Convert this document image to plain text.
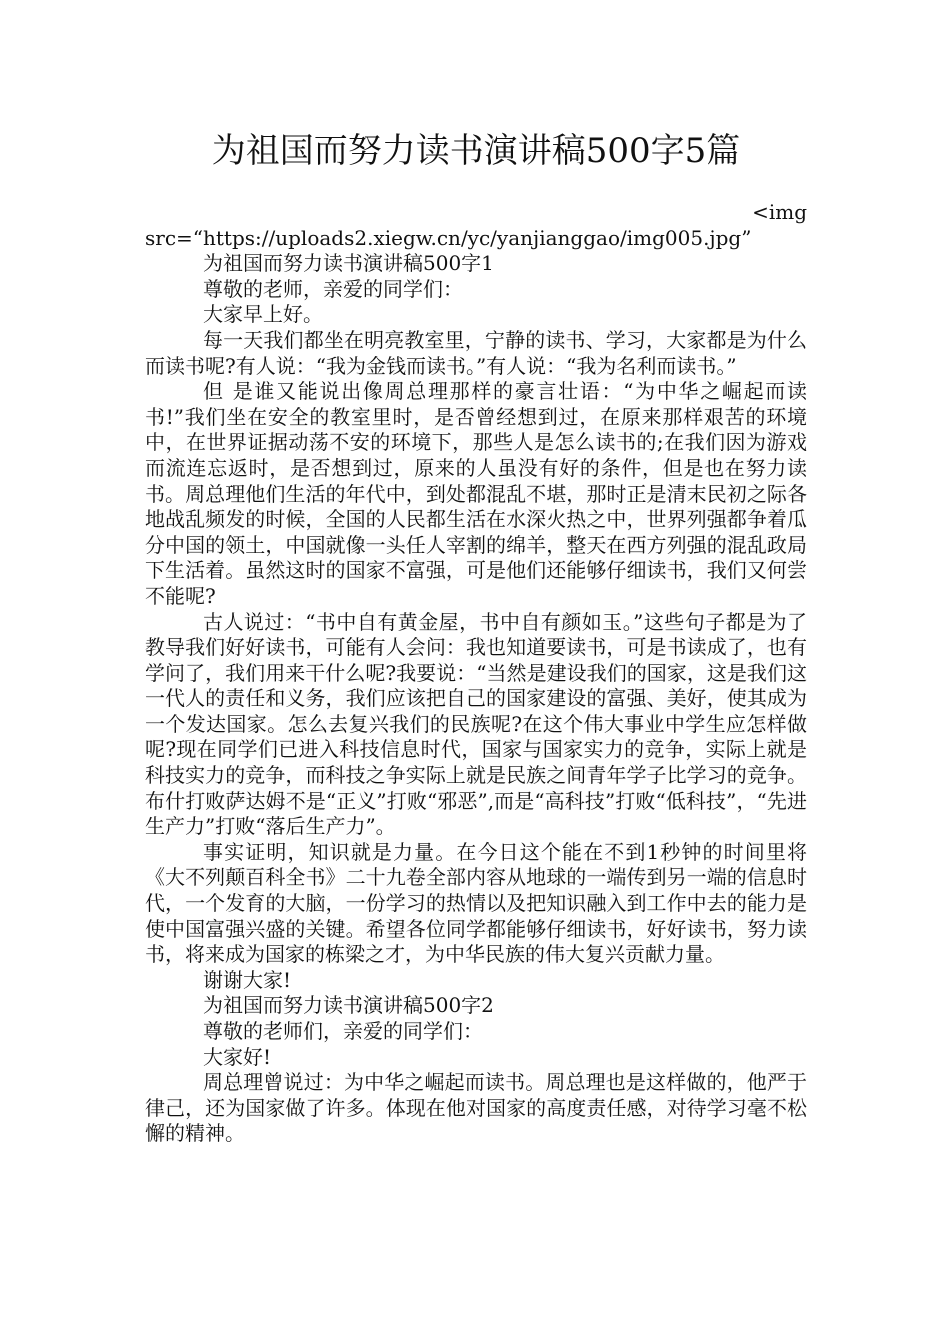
为祖国而努力读书演讲稿500字5篇

<img

src=“https://uploads2.xiegw.cn/yc/yanjianggao/img005.jpg”

为祖国而努力读书演讲稿500字1

尊敬的老师，亲爱的同学们：

大家早上好。

每一天我们都坐在明亮教室里，宁静的读书、学习，大家都是为什么而读书呢?有人说：“我为金钱而读书。”有人说：“我为名利而读书。”

但 是谁又能说出像周总理那样的豪言壮语：“为中华之崛起而读书!”我们坐在安全的教室里时，是否曾经想到过，在原来那样艰苦的环境中，在世界证据动荡不安的环境下，那些人是怎么读书的;在我们因为游戏而流连忘返时，是否想到过，原来的人虽没有好的条件，但是也在努力读书。周总理他们生活的年代中，到处都混乱不堪，那时正是清末民初之际各地战乱频发的时候，全国的人民都生活在水深火热之中，世界列强都争着瓜分中国的领土，中国就像一头任人宰割的绵羊，整天在西方列强的混乱政局下生活着。虽然这时的国家不富强，可是他们还能够仔细读书，我们又何尝不能呢?

古人说过：“书中自有黄金屋，书中自有颜如玉。”这些句子都是为了教导我们好好读书，可能有人会问：我也知道要读书，可是书读成了，也有学问了，我们用来干什么呢?我要说：“当然是建设我们的国家，这是我们这一代人的责任和义务，我们应该把自己的国家建设的富强、美好，使其成为一个发达国家。怎么去复兴我们的民族呢?在这个伟大事业中学生应怎样做呢?现在同学们已进入科技信息时代，国家与国家实力的竞争，实际上就是科技实力的竞争，而科技之争实际上就是民族之间青年学子比学习的竞争。布什打败萨达姆不是“正义”打败“邪恶”,而是“高科技”打败“低科技”，“先进生产力”打败“落后生产力”。

事实证明，知识就是力量。在今日这个能在不到1秒钟的时间里将《大不列颠百科全书》二十九卷全部内容从地球的一端传到另一端的信息时代，一个发育的大脑，一份学习的热情以及把知识融入到工作中去的能力是使中国富强兴盛的关键。希望各位同学都能够仔细读书，好好读书，努力读书，将来成为国家的栋梁之才，为中华民族的伟大复兴贡献力量。

谢谢大家!

为祖国而努力读书演讲稿500字2

尊敬的老师们，亲爱的同学们：

大家好!

周总理曾说过：为中华之崛起而读书。周总理也是这样做的，他严于律己，还为国家做了许多。体现在他对国家的高度责任感，对待学习毫不松懈的精神。
